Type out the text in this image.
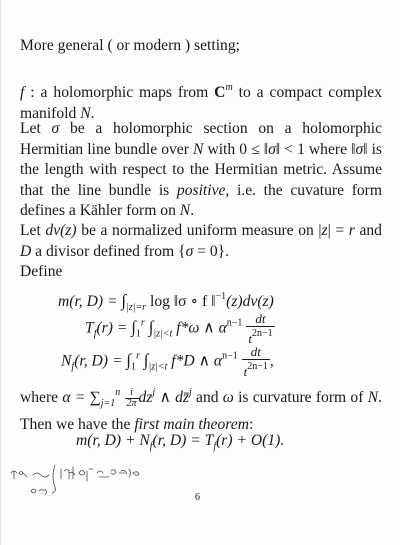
More general ( or modern ) setting;

f : a holomorphic maps from $C^m$ to a compact complex manifold N.

Let σ be a holomorphic section on a holomorphic Hermitian line bundle over N with 0 ≤ ‖σ‖ < 1 where ‖σ‖ is the length with respect to the Hermitian metric. Assume that the line bundle is positive, i.e. the cuvature form defines a Kähler form on N.

Let dν(z) be a normalized uniform measure on |z| = r and D a divisor defined from {σ = 0}.

Define

m(r, $D) = \int_{|z|=r}$ log ‖σ ∘ f ‖$^{-1}$(z)dν(z)
$T_f(r) = \int_1^r$ $\int_{|z|<t}$ f*ω ∧ $\alpha^{n-1} \frac{dt}{t^{2n-1}}$
$N_f(r$, $D) = \int_1^r$ $\int_{|z|<t}$ f*D ∧ $\alpha^{n-1} \frac{dt}{t^{2n-1}}$ ,

where $\alpha = \sum_{j=1}^n \frac{i}{2\pi} dz^j$ ∧ dz̄$^j$ and ω is curvature form of N. Then we have the first main theorem:

m(r, $D) + N_f(r$, $D) = T_f(r) + O(1)$.
6
